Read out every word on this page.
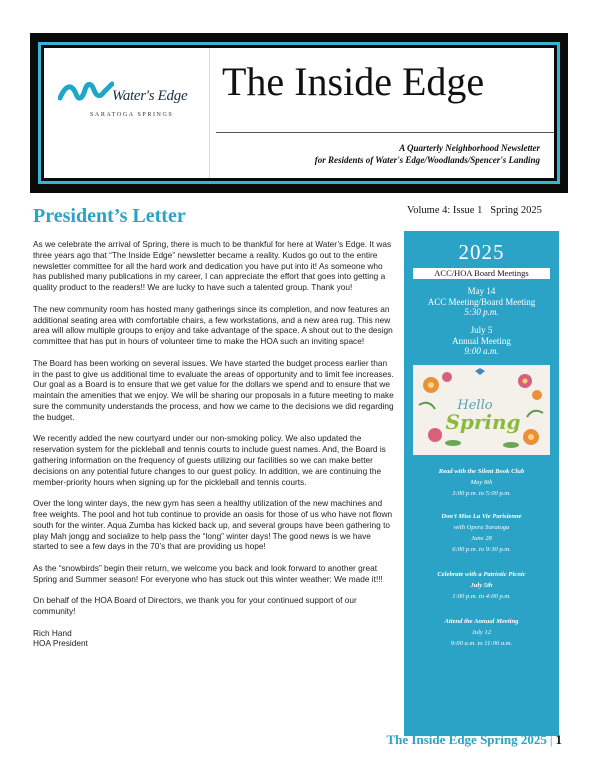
Water's Edge
SARATOGA SPRINGS
The Inside Edge
A Quarterly Neighborhood Newsletter
for Residents of Water's Edge/Woodlands/Spencer's Landing
President’s Letter

As we celebrate the arrival of Spring, there is much to be thankful for here at Water’s Edge. It was three years ago that “The Inside Edge” newsletter became a reality. Kudos go out to the entire newsletter committee for all the hard work and dedication you have put into it! As someone who has published many publications in my career, I can appreciate the effort that goes into getting a quality product to the readers!! We are lucky to have such a talented group. Thank you!

The new community room has hosted many gatherings since its completion, and now features an additional seating area with comfortable chairs, a few workstations, and a new area rug. This new area will allow multiple groups to enjoy and take advantage of the space. A shout out to the design committee that has put in hours of volunteer time to make the HOA such an inviting space!

The Board has been working on several issues. We have started the budget process earlier than in the past to give us additional time to evaluate the areas of opportunity and to limit fee increases. Our goal as a Board is to ensure that we get value for the dollars we spend and to ensure that we maintain the amenities that we enjoy. We will be sharing our proposals in a future meeting to make sure the community understands the process, and how we came to the decisions we did regarding the budget.

We recently added the new courtyard under our non-smoking policy. We also updated the reservation system for the pickleball and tennis courts to include guest names. And, the Board is gathering information on the frequency of guests utilizing our facilities so we can make better decisions on any potential future changes to our guest policy. In addition, we are continuing the member-priority hours when signing up for the pickleball and tennis courts.

Over the long winter days, the new gym has seen a healthy utilization of the new machines and free weights. The pool and hot tub continue to provide an oasis for those of us who have not flown south for the winter. Aqua Zumba has kicked back up, and several groups have been gathering to play Mah jongg and socialize to help pass the “long” winter days! The good news is we have started to see a few days in the 70’s that are providing us hope!

As the “snowbirds” begin their return, we welcome you back and look forward to another great Spring and Summer season! For everyone who has stuck out this winter weather: We made it!!!

On behalf of the HOA Board of Directors, we thank you for your continued support of our community!

Rich Hand
HOA President
Volume 4: Issue 1 Spring 2025
2025
ACC/HOA Board Meetings
May 14
ACC Meeting/Board Meeting
5:30 p.m.
July 5
Annual Meeting
9:00 a.m.
Hello
Spring
Read with the Silent Book Club
May 8th
3:00 p.m. to 5:00 p.m.
Don't Miss La Vie Parisienne
with Opera Saratoga
June 28
6:00 p.m. to 9:30 p.m.
Celebrate with a Patriotic Picnic
July 5th
1:00 p.m. to 4:00 p.m.
Attend the Annual Meeting
July 12
9:00 a.m. to 11:00 a.m.
The Inside Edge Spring 2025 | 1
